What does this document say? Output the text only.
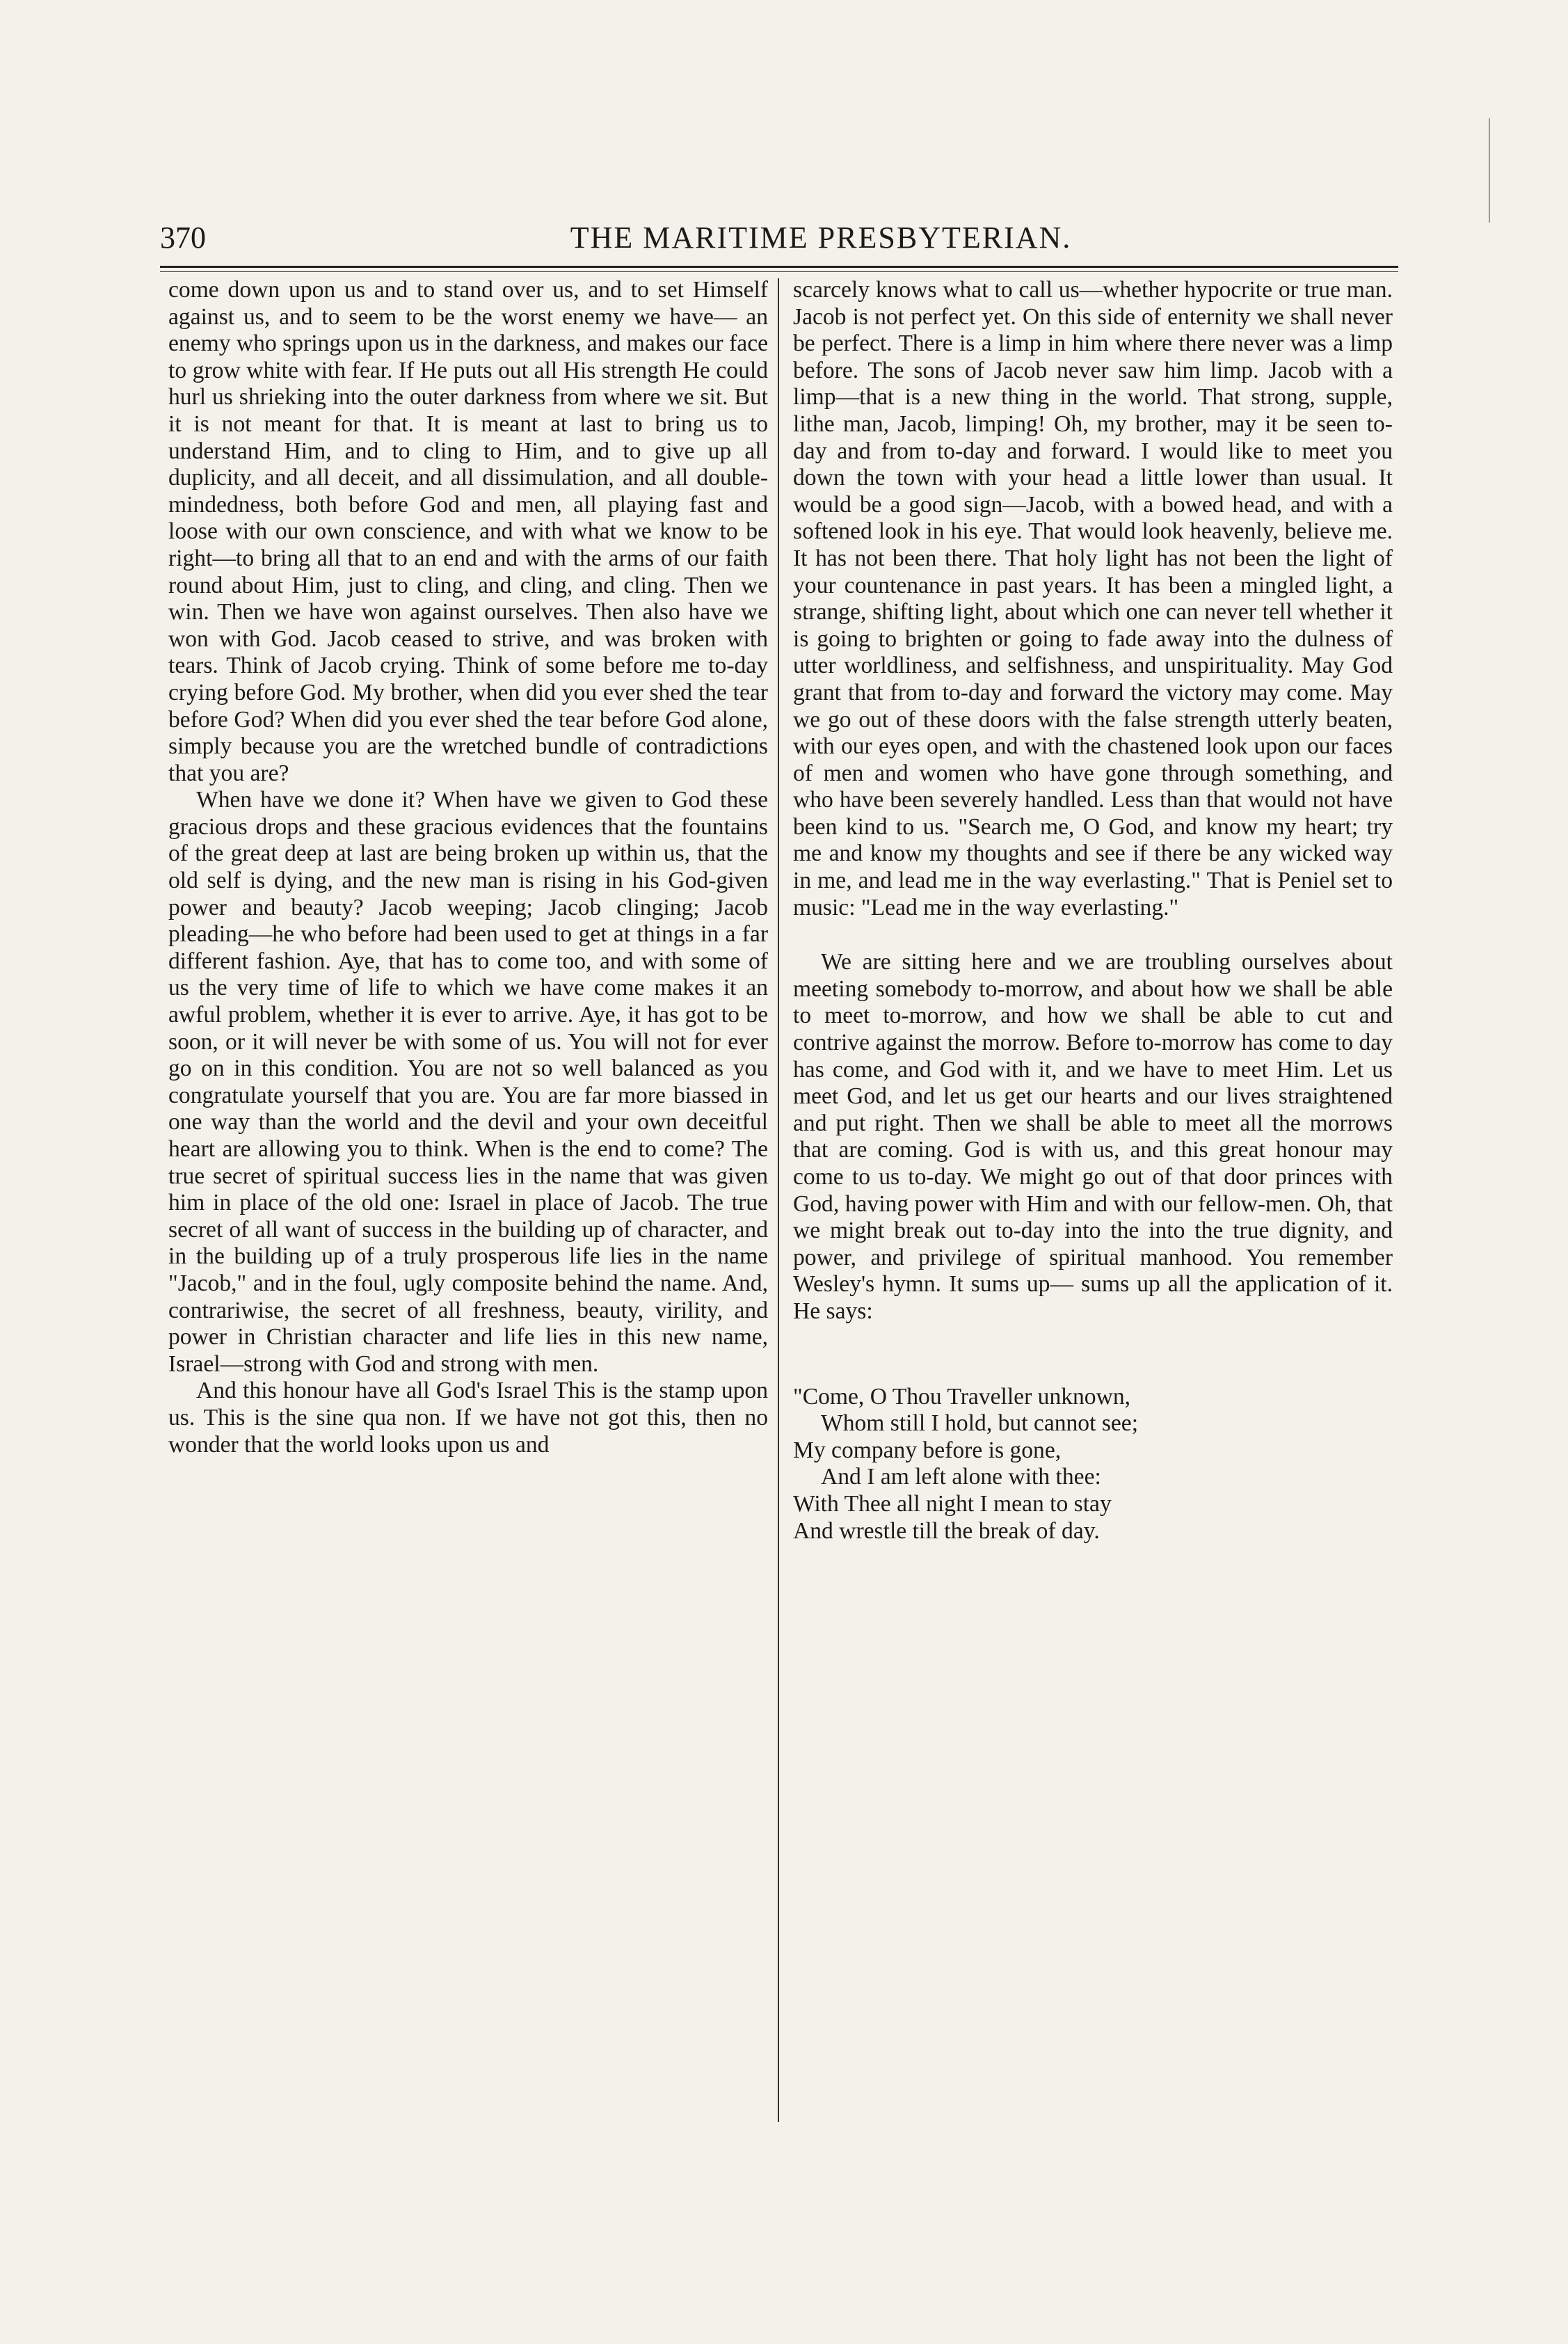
370	THE MARITIME PRESBYTERIAN.

come down upon us and to stand over us, and to set Himself against us, and to seem to be the worst enemy we have— an enemy who springs upon us in the darkness, and makes our face to grow white with fear. If He puts out all His strength He could hurl us shrieking into the outer darkness from where we sit. But it is not meant for that. It is meant at last to bring us to understand Him, and to cling to Him, and to give up all duplicity, and all deceit, and all dissimulation, and all double-mindedness, both before God and men, all playing fast and loose with our own conscience, and with what we know to be right—to bring all that to an end and with the arms of our faith round about Him, just to cling, and cling, and cling. Then we win. Then we have won against ourselves. Then also have we won with God. Jacob ceased to strive, and was broken with tears. Think of Jacob crying. Think of some before me to-day crying before God. My brother, when did you ever shed the tear before God? When did you ever shed the tear before God alone, simply because you are the wretched bundle of contradictions that you are?

When have we done it? When have we given to God these gracious drops and these gracious evidences that the fountains of the great deep at last are being broken up within us, that the old self is dying, and the new man is rising in his God-given power and beauty? Jacob weeping; Jacob clinging; Jacob pleading—he who before had been used to get at things in a far different fashion. Aye, that has to come too, and with some of us the very time of life to which we have come makes it an awful problem, whether it is ever to arrive. Aye, it has got to be soon, or it will never be with some of us. You will not for ever go on in this condition. You are not so well balanced as you congratulate yourself that you are. You are far more biassed in one way than the world and the devil and your own deceitful heart are allowing you to think. When is the end to come? The true secret of spiritual success lies in the name that was given him in place of the old one: Israel in place of Jacob. The true secret of all want of success in the building up of character, and in the building up of a truly prosperous life lies in the name "Jacob," and in the foul, ugly composite behind the name. And, contrariwise, the secret of all freshness, beauty, virility, and power in Christian character and life lies in this new name, Israel—strong with God and strong with men.

And this honour have all God's Israel This is the stamp upon us. This is the sine qua non. If we have not got this, then no wonder that the world looks upon us and

scarcely knows what to call us—whether hypocrite or true man. Jacob is not perfect yet. On this side of enternity we shall never be perfect. There is a limp in him where there never was a limp before. The sons of Jacob never saw him limp. Jacob with a limp—that is a new thing in the world. That strong, supple, lithe man, Jacob, limping! Oh, my brother, may it be seen to-day and from to-day and forward. I would like to meet you down the town with your head a little lower than usual. It would be a good sign—Jacob, with a bowed head, and with a softened look in his eye. That would look heavenly, believe me. It has not been there. That holy light has not been the light of your countenance in past years. It has been a mingled light, a strange, shifting light, about which one can never tell whether it is going to brighten or going to fade away into the dulness of utter worldliness, and selfishness, and unspirituality. May God grant that from to-day and forward the victory may come. May we go out of these doors with the false strength utterly beaten, with our eyes open, and with the chastened look upon our faces of men and women who have gone through something, and who have been severely handled. Less than that would not have been kind to us. "Search me, O God, and know my heart; try me and know my thoughts and see if there be any wicked way in me, and lead me in the way everlasting." That is Peniel set to music: "Lead me in the way everlasting."

We are sitting here and we are troubling ourselves about meeting somebody to-morrow, and about how we shall be able to meet to-morrow, and how we shall be able to cut and contrive against the morrow. Before to-morrow has come to day has come, and God with it, and we have to meet Him. Let us meet God, and let us get our hearts and our lives straightened and put right. Then we shall be able to meet all the morrows that are coming. God is with us, and this great honour may come to us to-day. We might go out of that door princes with God, having power with Him and with our fellow-men. Oh, that we might break out to-day into the into the true dignity, and power, and privilege of spiritual manhood. You remember Wesley's hymn. It sums up— sums up all the application of it. He says:

"Come, O Thou Traveller unknown,
Whom still I hold, but cannot see;
My company before is gone,
And I am left alone with thee:
With Thee all night I mean to stay
And wrestle till the break of day.
